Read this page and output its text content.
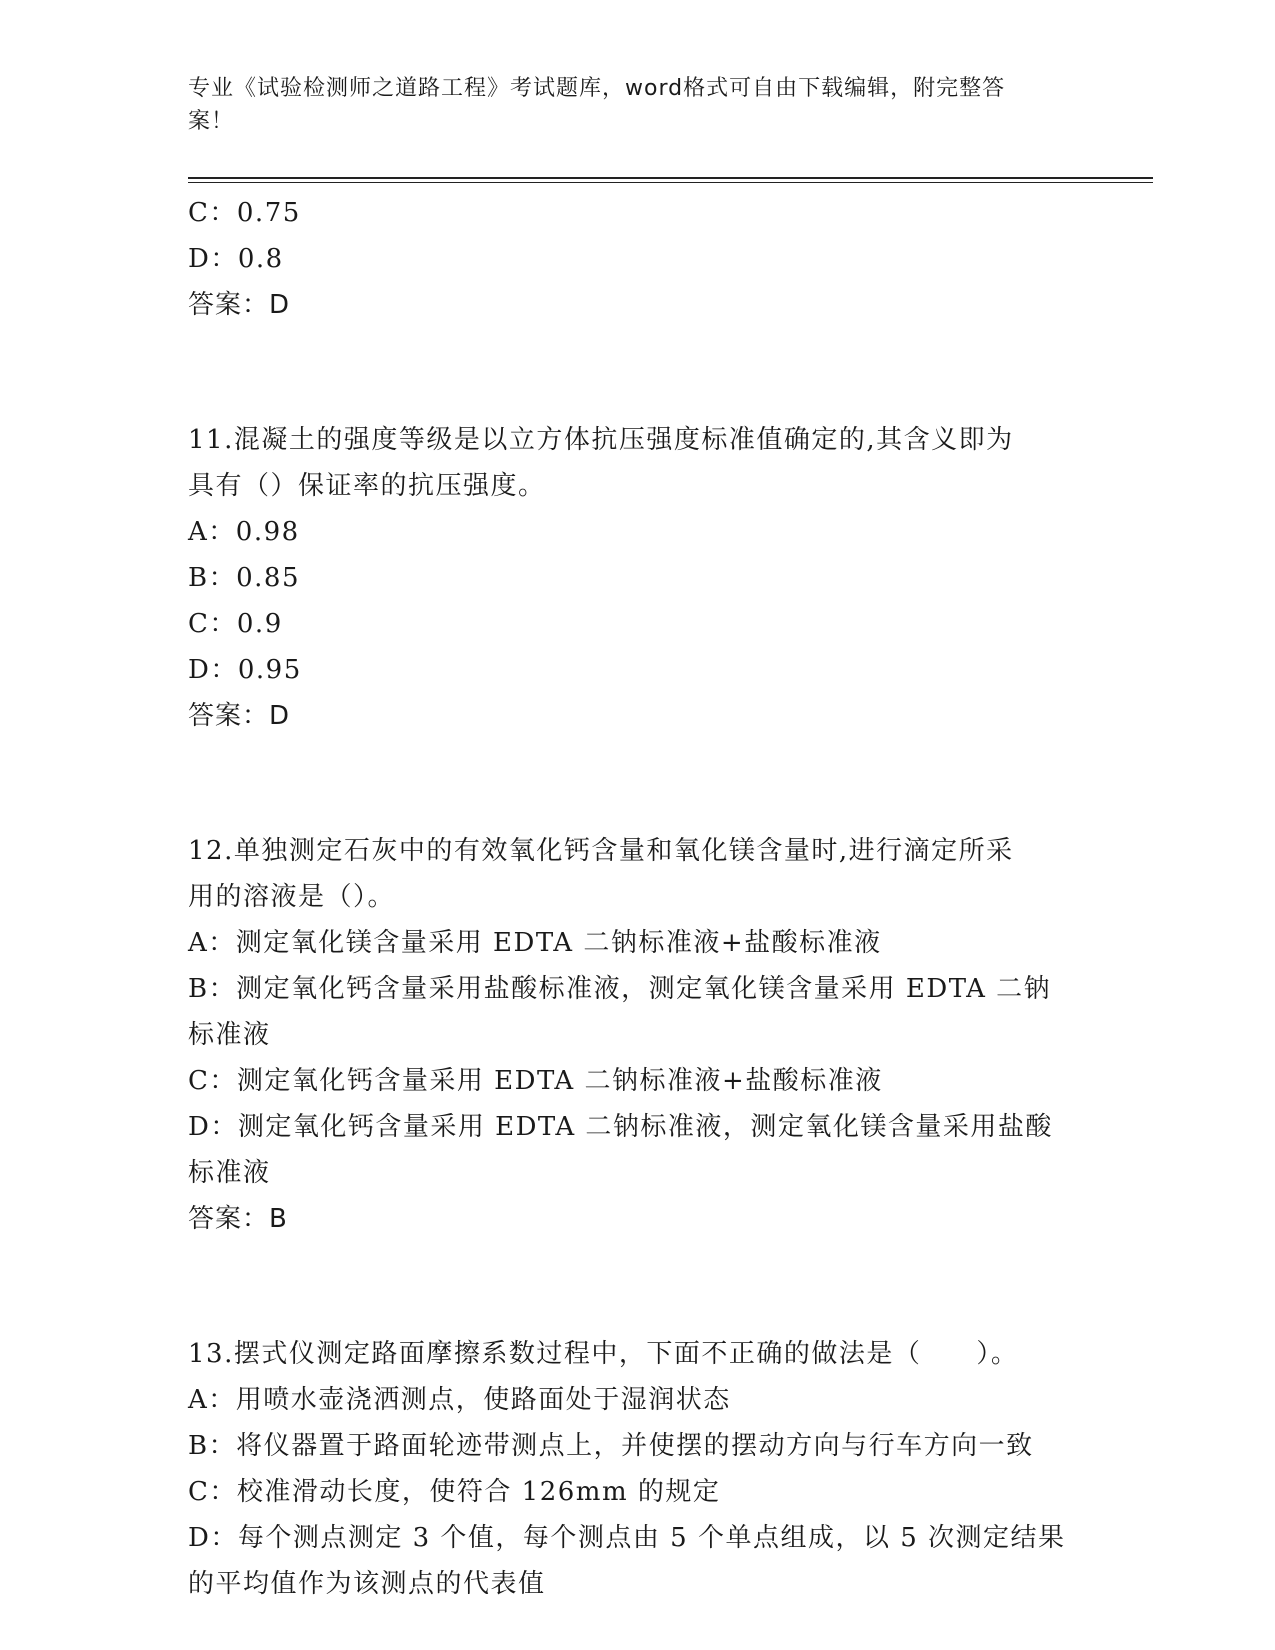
专业《试验检测师之道路工程》考试题库，word格式可自由下载编辑，附完整答
案！
C：0.75
D：0.8
答案：D
11.混凝土的强度等级是以立方体抗压强度标准值确定的,其含义即为
具有（）保证率的抗压强度。
A：0.98
B：0.85
C：0.9
D：0.95
答案：D
12.单独测定石灰中的有效氧化钙含量和氧化镁含量时,进行滴定所采
用的溶液是（）。
A：测定氧化镁含量采用 EDTA 二钠标准液+盐酸标准液
B：测定氧化钙含量采用盐酸标准液，测定氧化镁含量采用 EDTA 二钠
标准液
C：测定氧化钙含量采用 EDTA 二钠标准液+盐酸标准液
D：测定氧化钙含量采用 EDTA 二钠标准液，测定氧化镁含量采用盐酸
标准液
答案：B
13.摆式仪测定路面摩擦系数过程中，下面不正确的做法是（　　）。
A：用喷水壶浇洒测点，使路面处于湿润状态
B：将仪器置于路面轮迹带测点上，并使摆的摆动方向与行车方向一致
C：校准滑动长度，使符合 126mm 的规定
D：每个测点测定 3 个值，每个测点由 5 个单点组成，以 5 次测定结果
的平均值作为该测点的代表值
